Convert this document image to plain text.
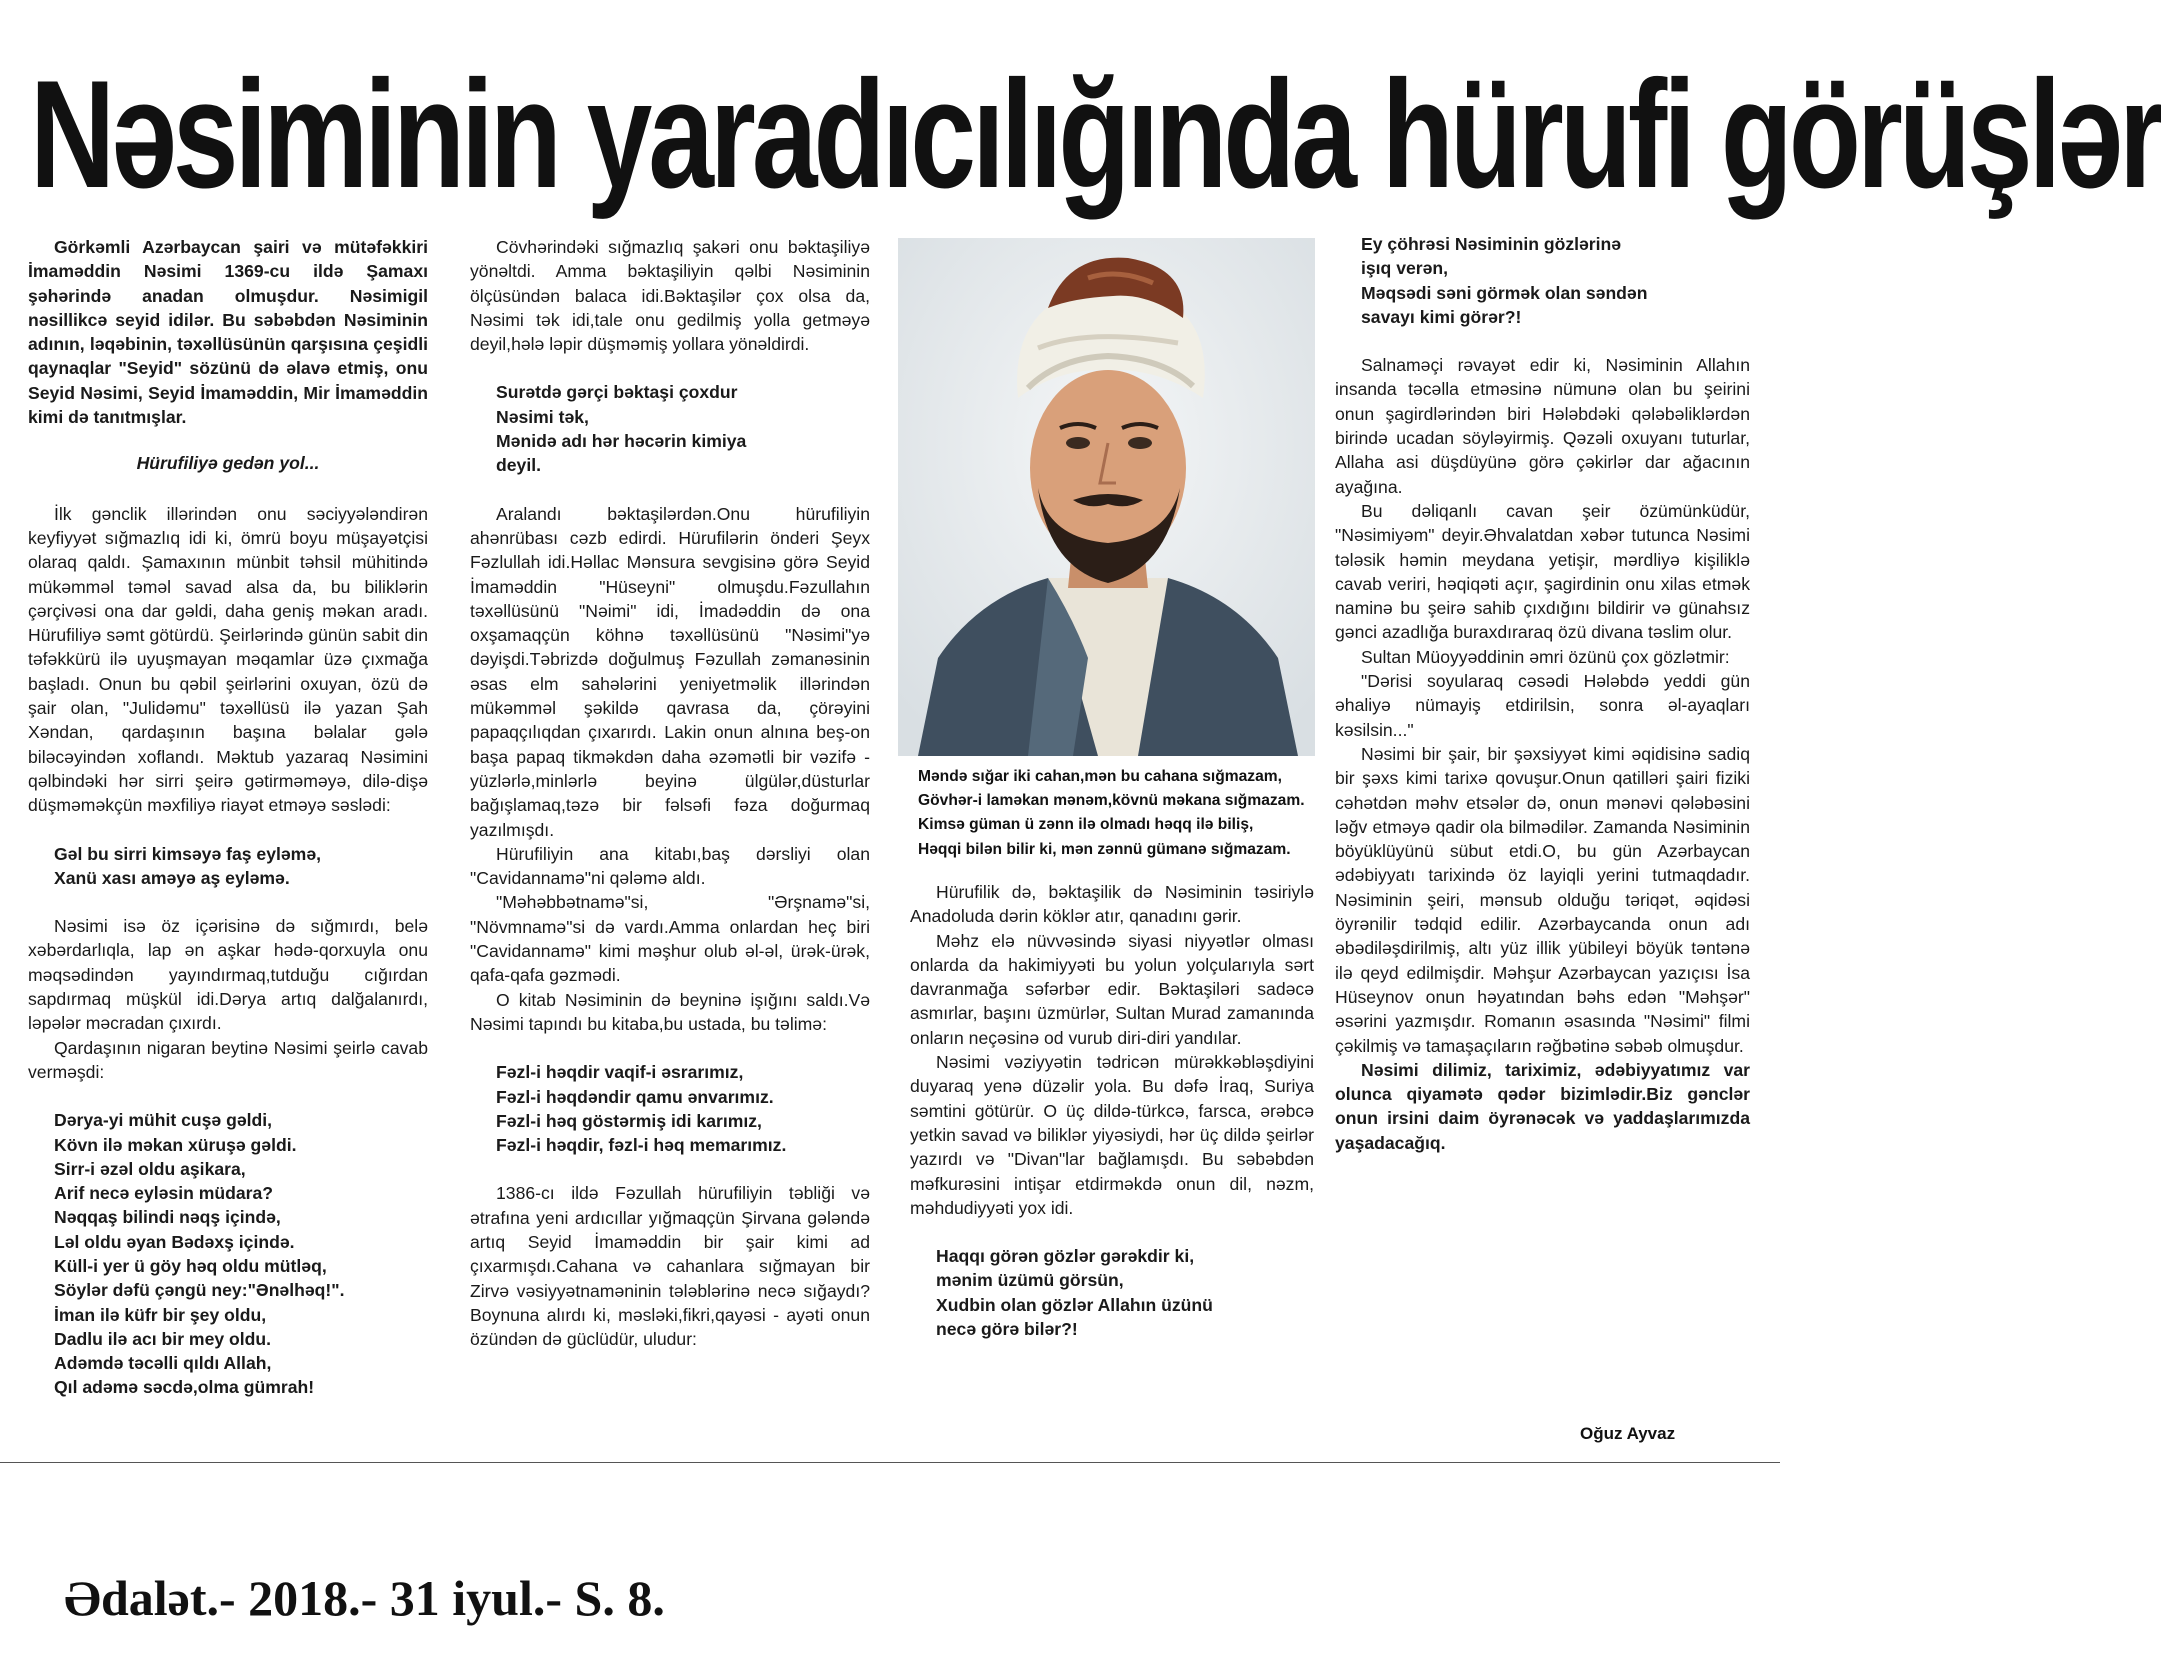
Nəsiminin yaradıcılığında hürufi görüşlər

Görkəmli Azərbaycan şairi və mütəfəkkiri İmaməddin Nəsimi 1369-cu ildə Şamaxı şəhərində anadan olmuşdur. Nəsimigil nəsillikcə seyid idilər. Bu səbəbdən Nəsiminin adının, ləqəbinin, təxəllüsünün qarşısına çeşidli qaynaqlar "Seyid" sözünü də əlavə etmiş, onu Seyid Nəsimi, Seyid İmaməddin, Mir İmaməddin kimi də tanıtmışlar.

Hürufiliyə gedən yol...

İlk gənclik illərindən onu səciyyələndirən keyfiyyət sığmazlıq idi ki, ömrü boyu müşayətçisi olaraq qaldı. Şamaxının münbit təhsil mühitində mükəmməl təməl savad alsa da, bu biliklərin çərçivəsi ona dar gəldi, daha geniş məkan aradı. Hürufiliyə səmt götürdü. Şeirlərində günün sabit din təfəkkürü ilə uyuşmayan məqamlar üzə çıxmağa başladı. Onun bu qəbil şeirlərini oxuyan, özü də şair olan, "Julidəmu" təxəllüsü ilə yazan Şah Xəndan, qardaşının başına bəlalar gələ biləcəyindən xoflandı. Məktub yazaraq Nəsimini qəlbindəki hər sirri şeirə gətirməməyə, dilə-dişə düşməməkçün məxfiliyə riayət etməyə səslədi:

Gəl bu sirri kimsəyə faş eyləmə,
Xanü xası aməyə aş eyləmə.

Nəsimi isə öz içərisinə də sığmırdı, belə xəbərdarlıqla, lap ən aşkar hədə-qorxuyla onu məqsədindən yayındırmaq,tutduğu cığırdan sapdırmaq müşkül idi.Dərya artıq dalğalanırdı, ləpələr məcradan çıxırdı.

Qardaşının nigaran beytinə Nəsimi şeirlə cavab verməşdi:

Dərya-yi mühit cuşə gəldi,
Kövn ilə məkan xüruşə gəldi.
Sirr-i əzəl oldu aşikara,
Arif necə eyləsin müdara?
Nəqqaş bilindi nəqş içində,
Ləl oldu əyan Bədəxş içində.
Küll-i yer ü göy həq oldu mütləq,
Söylər dəfü çəngü ney:"Ənəlhəq!".
İman ilə küfr bir şey oldu,
Dadlu ilə acı bir mey oldu.
Adəmdə təcəlli qıldı Allah,
Qıl adəmə səcdə,olma gümrah!

Cövhərindəki sığmazlıq şakəri onu bəktaşiliyə yönəltdi. Amma bəktaşiliyin qəlbi Nəsiminin ölçüsündən balaca idi.Bəktaşilər çox olsa da, Nəsimi tək idi,tale onu gedilmiş yolla getməyə deyil,hələ ləpir düşməmiş yollara yönəldirdi.

Surətdə gərçi bəktaşi çoxdur
Nəsimi tək,
Mənidə adı hər həcərin kimiya
deyil.

Aralandı bəktaşilərdən.Onu hürufiliyin ahənrübası cəzb edirdi. Hürufilərin önderi Şeyx Fəzlullah idi.Həllac Mənsura sevgisinə görə Seyid İmaməddin "Hüseyni" olmuşdu.Fəzullahın təxəllüsünü "Nəimi" idi, İmadəddin də ona oxşamaqçün köhnə təxəllüsünü "Nəsimi"yə dəyişdi.Təbrizdə doğulmuş Fəzullah zəmanəsinin əsas elm sahələrini yeniyetməlik illərindən mükəmməl şəkildə qavrasa da, çörəyini papaqçılıqdan çıxarırdı. Lakin onun alnına beş-on başa papaq tikməkdən daha əzəmətli bir vəzifə - yüzlərlə,minlərlə beyinə ülgülər,düsturlar bağışlamaq,təzə bir fəlsəfi fəza doğurmaq yazılmışdı.

Hürufiliyin ana kitabı,baş dərsliyi olan "Cavidannamə"ni qələmə aldı.

"Məhəbbətnamə"si, "Ərşnamə"si, "Növmnamə"si də vardı.Amma onlardan heç biri "Cavidannamə" kimi məşhur olub əl-əl, ürək-ürək, qafa-qafa gəzmədi.

O kitab Nəsiminin də beyninə işığını saldı.Və Nəsimi tapındı bu kitaba,bu ustada, bu təlimə:

Fəzl-i həqdir vaqif-i əsrarımız,
Fəzl-i həqdəndir qamu ənvarımız.
Fəzl-i həq göstərmiş idi karımız,
Fəzl-i həqdir, fəzl-i həq memarımız.

1386-cı ildə Fəzullah hürufiliyin təbliği və ətrafına yeni ardıcıllar yığmaqçün Şirvana gələndə artıq Seyid İmaməddin bir şair kimi ad çıxarmışdı.Cahana və cahanlara sığmayan bir Zirvə vəsiyyətnaməninin tələblərinə necə sığaydı? Boynuna alırdı ki, məsləki,fikri,qayəsi - ayəti onun özündən də güclüdür, uludur:

Məndə sığar iki cahan,mən bu cahana sığmazam,
Gövhər-i laməkan mənəm,kövnü məkana sığmazam.
Kimsə güman ü zənn ilə olmadı həqq ilə biliş,
Həqqi bilən bilir ki, mən zənnü gümanə sığmazam.

Hürufilik də, bəktaşilik də Nəsiminin təsiriylə Anadoluda dərin köklər atır, qanadını gərir.

Məhz elə nüvvəsində siyasi niyyətlər olması onlarda da hakimiyyəti bu yolun yolçularıyla sərt davranmağa səfərbər edir. Bəktaşiləri sadəcə asmırlar, başını üzmürlər, Sultan Murad zamanında onların neçəsinə od vurub diri-diri yandılar.

Nəsimi vəziyyətin tədricən mürəkkəbləşdiyini duyaraq yenə düzəlir yola. Bu dəfə İraq, Suriya səmtini götürür. O üç dildə-türkcə, farsca, ərəbcə yetkin savad və biliklər yiyəsiydi, hər üç dildə şeirlər yazırdı və "Divan"lar bağlamışdı. Bu səbəbdən məfkurəsini intişar etdirməkdə onun dil, nəzm, məhdudiyyəti yox idi.

Haqqı görən gözlər gərəkdir ki,
mənim üzümü görsün,
Xudbin olan gözlər Allahın üzünü
necə görə bilər?!
Ey çöhrəsi Nəsiminin gözlərinə
işıq verən,
Məqsədi səni görmək olan səndən
savayı kimi görər?!

Salnaməçi rəvayət edir ki, Nəsiminin Allahın insanda təcəlla etməsinə nümunə olan bu şeirini onun şagirdlərindən biri Hələbdəki qələbəliklərdən birində ucadan söyləyirmiş. Qəzəli oxuyanı tuturlar, Allaha asi düşdüyünə görə çəkirlər dar ağacının ayağına.

Bu dəliqanlı cavan şeir özümünküdür, "Nəsimiyəm" deyir.Əhvalatdan xəbər tutunca Nəsimi tələsik həmin meydana yetişir, mərdliyə kişiliklə cavab veriri, həqiqəti açır, şagirdinin onu xilas etmək naminə bu şeirə sahib çıxdığını bildirir və günahsız gənci azadlığa buraxdıraraq özü divana təslim olur.

Sultan Müoyyəddinin əmri özünü çox gözlətmir:

"Dərisi soyularaq cəsədi Hələbdə yeddi gün əhaliyə nümayiş etdirilsin, sonra əl-ayaqları kəsilsin..."

Nəsimi bir şair, bir şəxsiyyət kimi əqidisinə sadiq bir şəxs kimi tarixə qovuşur.Onun qatilləri şairi fiziki cəhətdən məhv etsələr də, onun mənəvi qələbəsini ləğv etməyə qadir ola bilmədilər. Zamanda Nəsiminin böyüklüyünü sübut etdi.O, bu gün Azərbaycan ədəbiyyatı tarixində öz layiqli yerini tutmaqdadır. Nəsiminin şeiri, mənsub olduğu təriqət, əqidəsi öyrənilir tədqid edilir. Azərbaycanda onun adı əbədiləşdirilmiş, altı yüz illik yübileyi böyük təntənə ilə qeyd edilmişdir. Məhşur Azərbaycan yazıçısı İsa Hüseynov onun həyatından bəhs edən "Məhşər" əsərini yazmışdır. Romanın əsasında "Nəsimi" filmi çəkilmiş və tamaşaçıların rəğbətinə səbəb olmuşdur.

Nəsimi dilimiz, tariximiz, ədəbiyyatımız var olunca qiyamətə qədər bizimlədir.Biz gənclər onun irsini daim öyrənəcək və yaddaşlarımızda yaşadacağıq.

Oğuz Ayvaz
Ədalət.- 2018.- 31 iyul.- S. 8.
